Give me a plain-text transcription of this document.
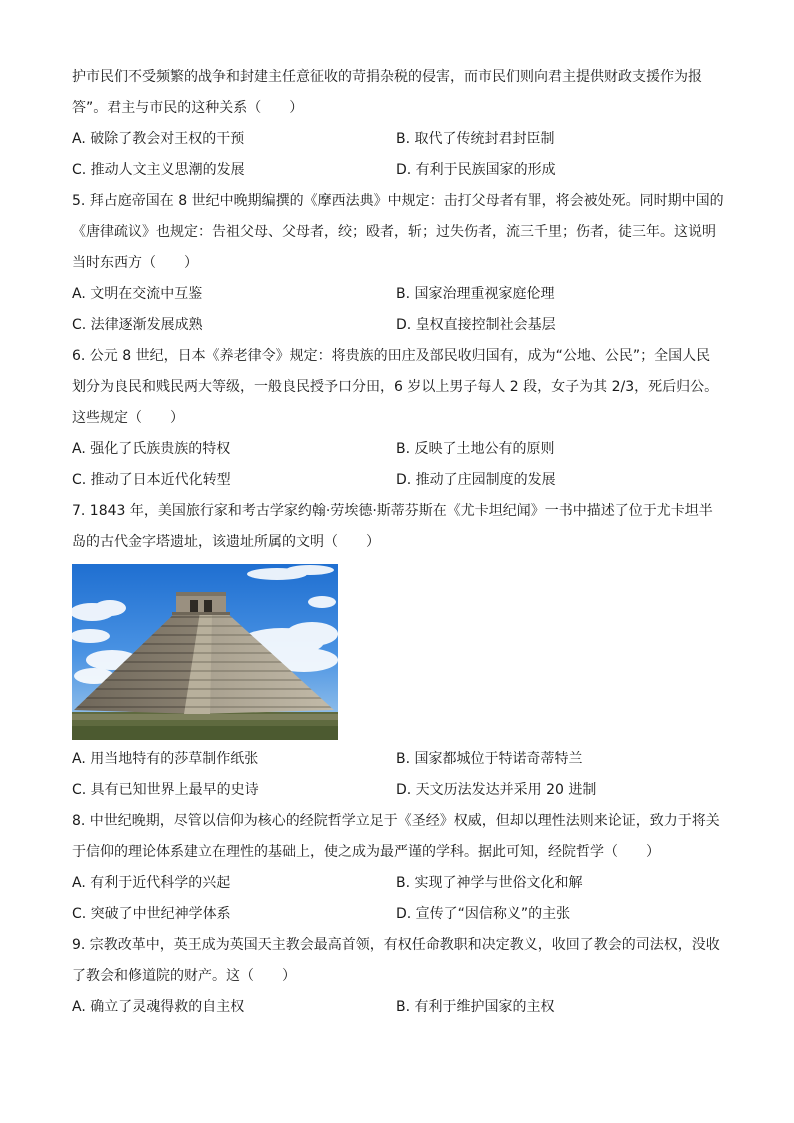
护市民们不受频繁的战争和封建主任意征收的苛捐杂税的侵害，而市民们则向君主提供财政支援作为报
答”。君主与市民的这种关系（　　）
A. 破除了教会对王权的干预	B. 取代了传统封君封臣制
C. 推动人文主义思潮的发展	D. 有利于民族国家的形成
5. 拜占庭帝国在 8 世纪中晚期编撰的《摩西法典》中规定：击打父母者有罪，将会被处死。同时期中国的
《唐律疏议》也规定：告祖父母、父母者，绞；殴者，斩；过失伤者，流三千里；伤者，徒三年。这说明
当时东西方（　　）
A. 文明在交流中互鉴	B. 国家治理重视家庭伦理
C. 法律逐渐发展成熟	D. 皇权直接控制社会基层
6. 公元 8 世纪，日本《养老律令》规定：将贵族的田庄及部民收归国有，成为“公地、公民”；全国人民
划分为良民和贱民两大等级，一般良民授予口分田，6 岁以上男子每人 2 段，女子为其 2/3，死后归公。
这些规定（　　）
A. 强化了氏族贵族的特权	B. 反映了土地公有的原则
C. 推动了日本近代化转型	D. 推动了庄园制度的发展
7. 1843 年，美国旅行家和考古学家约翰·劳埃德·斯蒂芬斯在《尤卡坦纪闻》一书中描述了位于尤卡坦半
岛的古代金字塔遗址，该遗址所属的文明（　　）
A. 用当地特有的莎草制作纸张	B. 国家都城位于特诺奇蒂特兰
C. 具有已知世界上最早的史诗	D. 天文历法发达并采用 20 进制
8. 中世纪晚期，尽管以信仰为核心的经院哲学立足于《圣经》权威，但却以理性法则来论证，致力于将关
于信仰的理论体系建立在理性的基础上，使之成为最严谨的学科。据此可知，经院哲学（　　）
A. 有利于近代科学的兴起	B. 实现了神学与世俗文化和解
C. 突破了中世纪神学体系	D. 宣传了“因信称义”的主张
9. 宗教改革中，英王成为英国天主教会最高首领，有权任命教职和决定教义，收回了教会的司法权，没收
了教会和修道院的财产。这（　　）
A. 确立了灵魂得救的自主权	B. 有利于维护国家的主权
